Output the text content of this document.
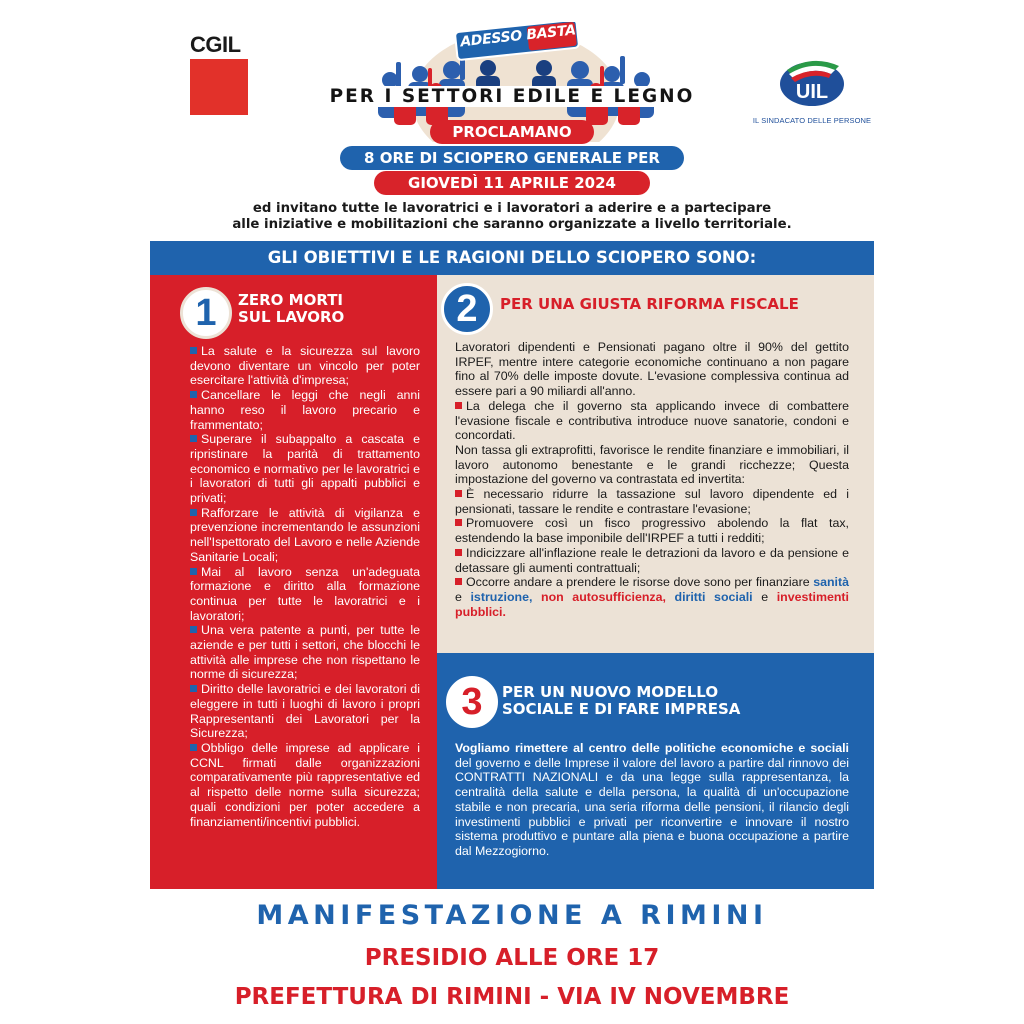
CGIL	ADESSO BASTA!
PER I SETTORI EDILE E LEGNO
PROCLAMANO
8 ORE DI SCIOPERO GENERALE PER
GIOVEDÌ 11 APRILE 2024
UIL
IL SINDACATO DELLE PERSONE
ed invitano tutte le lavoratrici e i lavoratori a aderire e a partecipare
alle iniziative e mobilitazioni che saranno organizzate a livello territoriale.
GLI OBIETTIVI E LE RAGIONI DELLO SCIOPERO SONO:
1	ZERO MORTI
SUL LAVORO	2	PER UNA GIUSTA RIFORMA FISCALE
3	PER UN NUOVO MODELLO
SOCIALE E DI FARE IMPRESA

La salute e la sicurezza sul lavoro devono diventare un vincolo per poter esercitare l'attività d'impresa;

Cancellare le leggi che negli anni hanno reso il lavoro precario e frammentato;

Superare il subappalto a cascata e ripristinare la parità di trattamento economico e normativo per le lavoratrici e i lavoratori di tutti gli appalti pubblici e privati;

Rafforzare le attività di vigilanza e prevenzione incrementando le assunzioni nell'Ispettorato del Lavoro e nelle Aziende Sanitarie Locali;

Mai al lavoro senza un'adeguata formazione e diritto alla formazione continua per tutte le lavoratrici e i lavoratori;

Una vera patente a punti, per tutte le aziende e per tutti i settori, che blocchi le attività alle imprese che non rispettano le norme di sicurezza;

Diritto delle lavoratrici e dei lavoratori di eleggere in tutti i luoghi di lavoro i propri Rappresentanti dei Lavoratori per la Sicurezza;

Obbligo delle imprese ad applicare i CCNL firmati dalle organizzazioni comparativamente più rappresentative ed al rispetto delle norme sulla sicurezza; quali condizioni per poter accedere a finanziamenti/incentivi pubblici.

Lavoratori dipendenti e Pensionati pagano oltre il 90% del gettito IRPEF, mentre intere categorie economiche continuano a non pagare fino al 70% delle imposte dovute. L'evasione complessiva continua ad essere pari a 90 miliardi all'anno.

La delega che il governo sta applicando invece di combattere l'evasione fiscale e contributiva introduce nuove sanatorie, condoni e concordati.

Non tassa gli extraprofitti, favorisce le rendite finanziare e immobiliari, il lavoro autonomo benestante e le grandi ricchezze; Questa impostazione del governo va contrastata ed invertita:

È necessario ridurre la tassazione sul lavoro dipendente ed i pensionati, tassare le rendite e contrastare l'evasione;

Promuovere così un fisco progressivo abolendo la flat tax, estendendo la base imponibile dell'IRPEF a tutti i redditi;

Indicizzare all'inflazione reale le detrazioni da lavoro e da pensione e detassare gli aumenti contrattuali;

Occorre andare a prendere le risorse dove sono per finanziare sanità e istruzione, non autosufficienza, diritti sociali e investimenti pubblici.

Vogliamo rimettere al centro delle politiche economiche e sociali del governo e delle Imprese il valore del lavoro a partire dal rinnovo dei CONTRATTI NAZIONALI e da una legge sulla rappresentanza, la centralità della salute e della persona, la qualità di un'occupazione stabile e non precaria, una seria riforma delle pensioni, il rilancio degli investimenti pubblici e privati per riconvertire e innovare il nostro sistema produttivo e puntare alla piena e buona occupazione a partire dal Mezzogiorno.

MANIFESTAZIONE A RIMINI
PRESIDIO ALLE ORE 17
PREFETTURA DI RIMINI - VIA IV NOVEMBRE
